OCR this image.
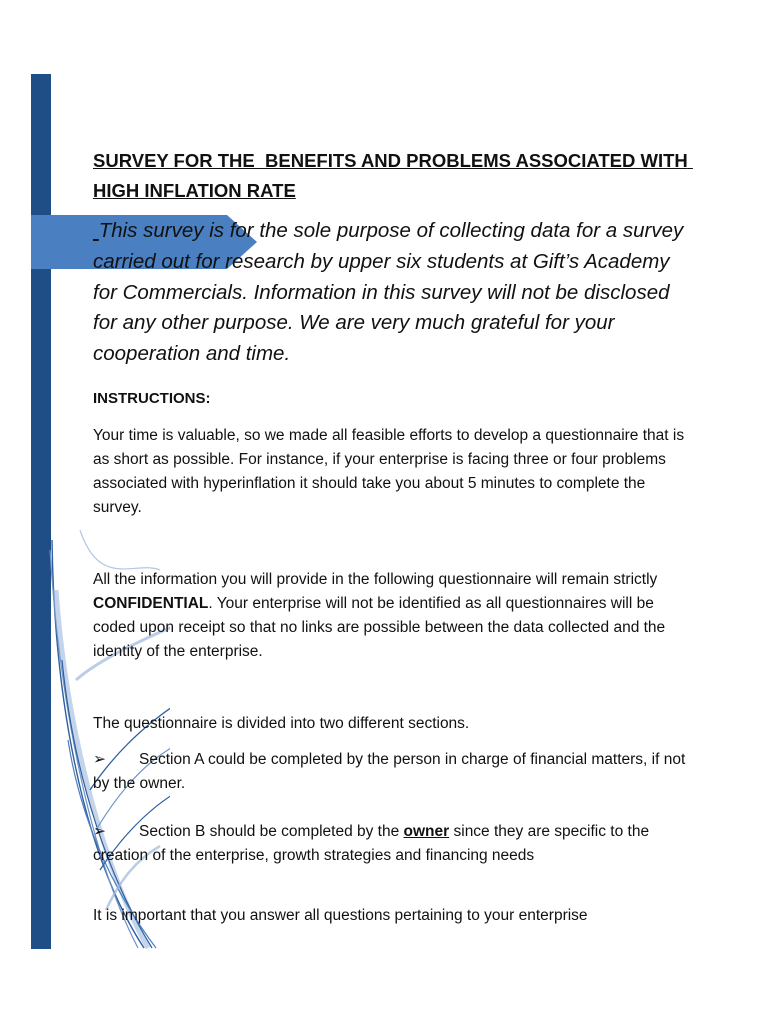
SURVEY FOR THE  BENEFITS AND PROBLEMS ASSOCIATED WITH HIGH INFLATION RATE

This survey is for the sole purpose of collecting data for a survey carried out for research by upper six students at Gift’s Academy for Commercials. Information in this survey will not be disclosed for any other purpose. We are very much grateful for your cooperation and time.

INSTRUCTIONS:

Your time is valuable, so we made all feasible efforts to develop a questionnaire that is as short as possible. For instance, if your enterprise is facing three or four problems associated with hyperinflation it should take you about 5 minutes to complete the survey.

All the information you will provide in the following questionnaire will remain strictly CONFIDENTIAL. Your enterprise will not be identified as all questionnaires will be coded upon receipt so that no links are possible between the data collected and the identity of the enterprise.

The questionnaire is divided into two different sections.

➢ Section A could be completed by the person in charge of financial matters, if not by the owner.

➢ Section B should be completed by the owner since they are specific to the creation of the enterprise, growth strategies and financing needs

It is important that you answer all questions pertaining to your enterprise
